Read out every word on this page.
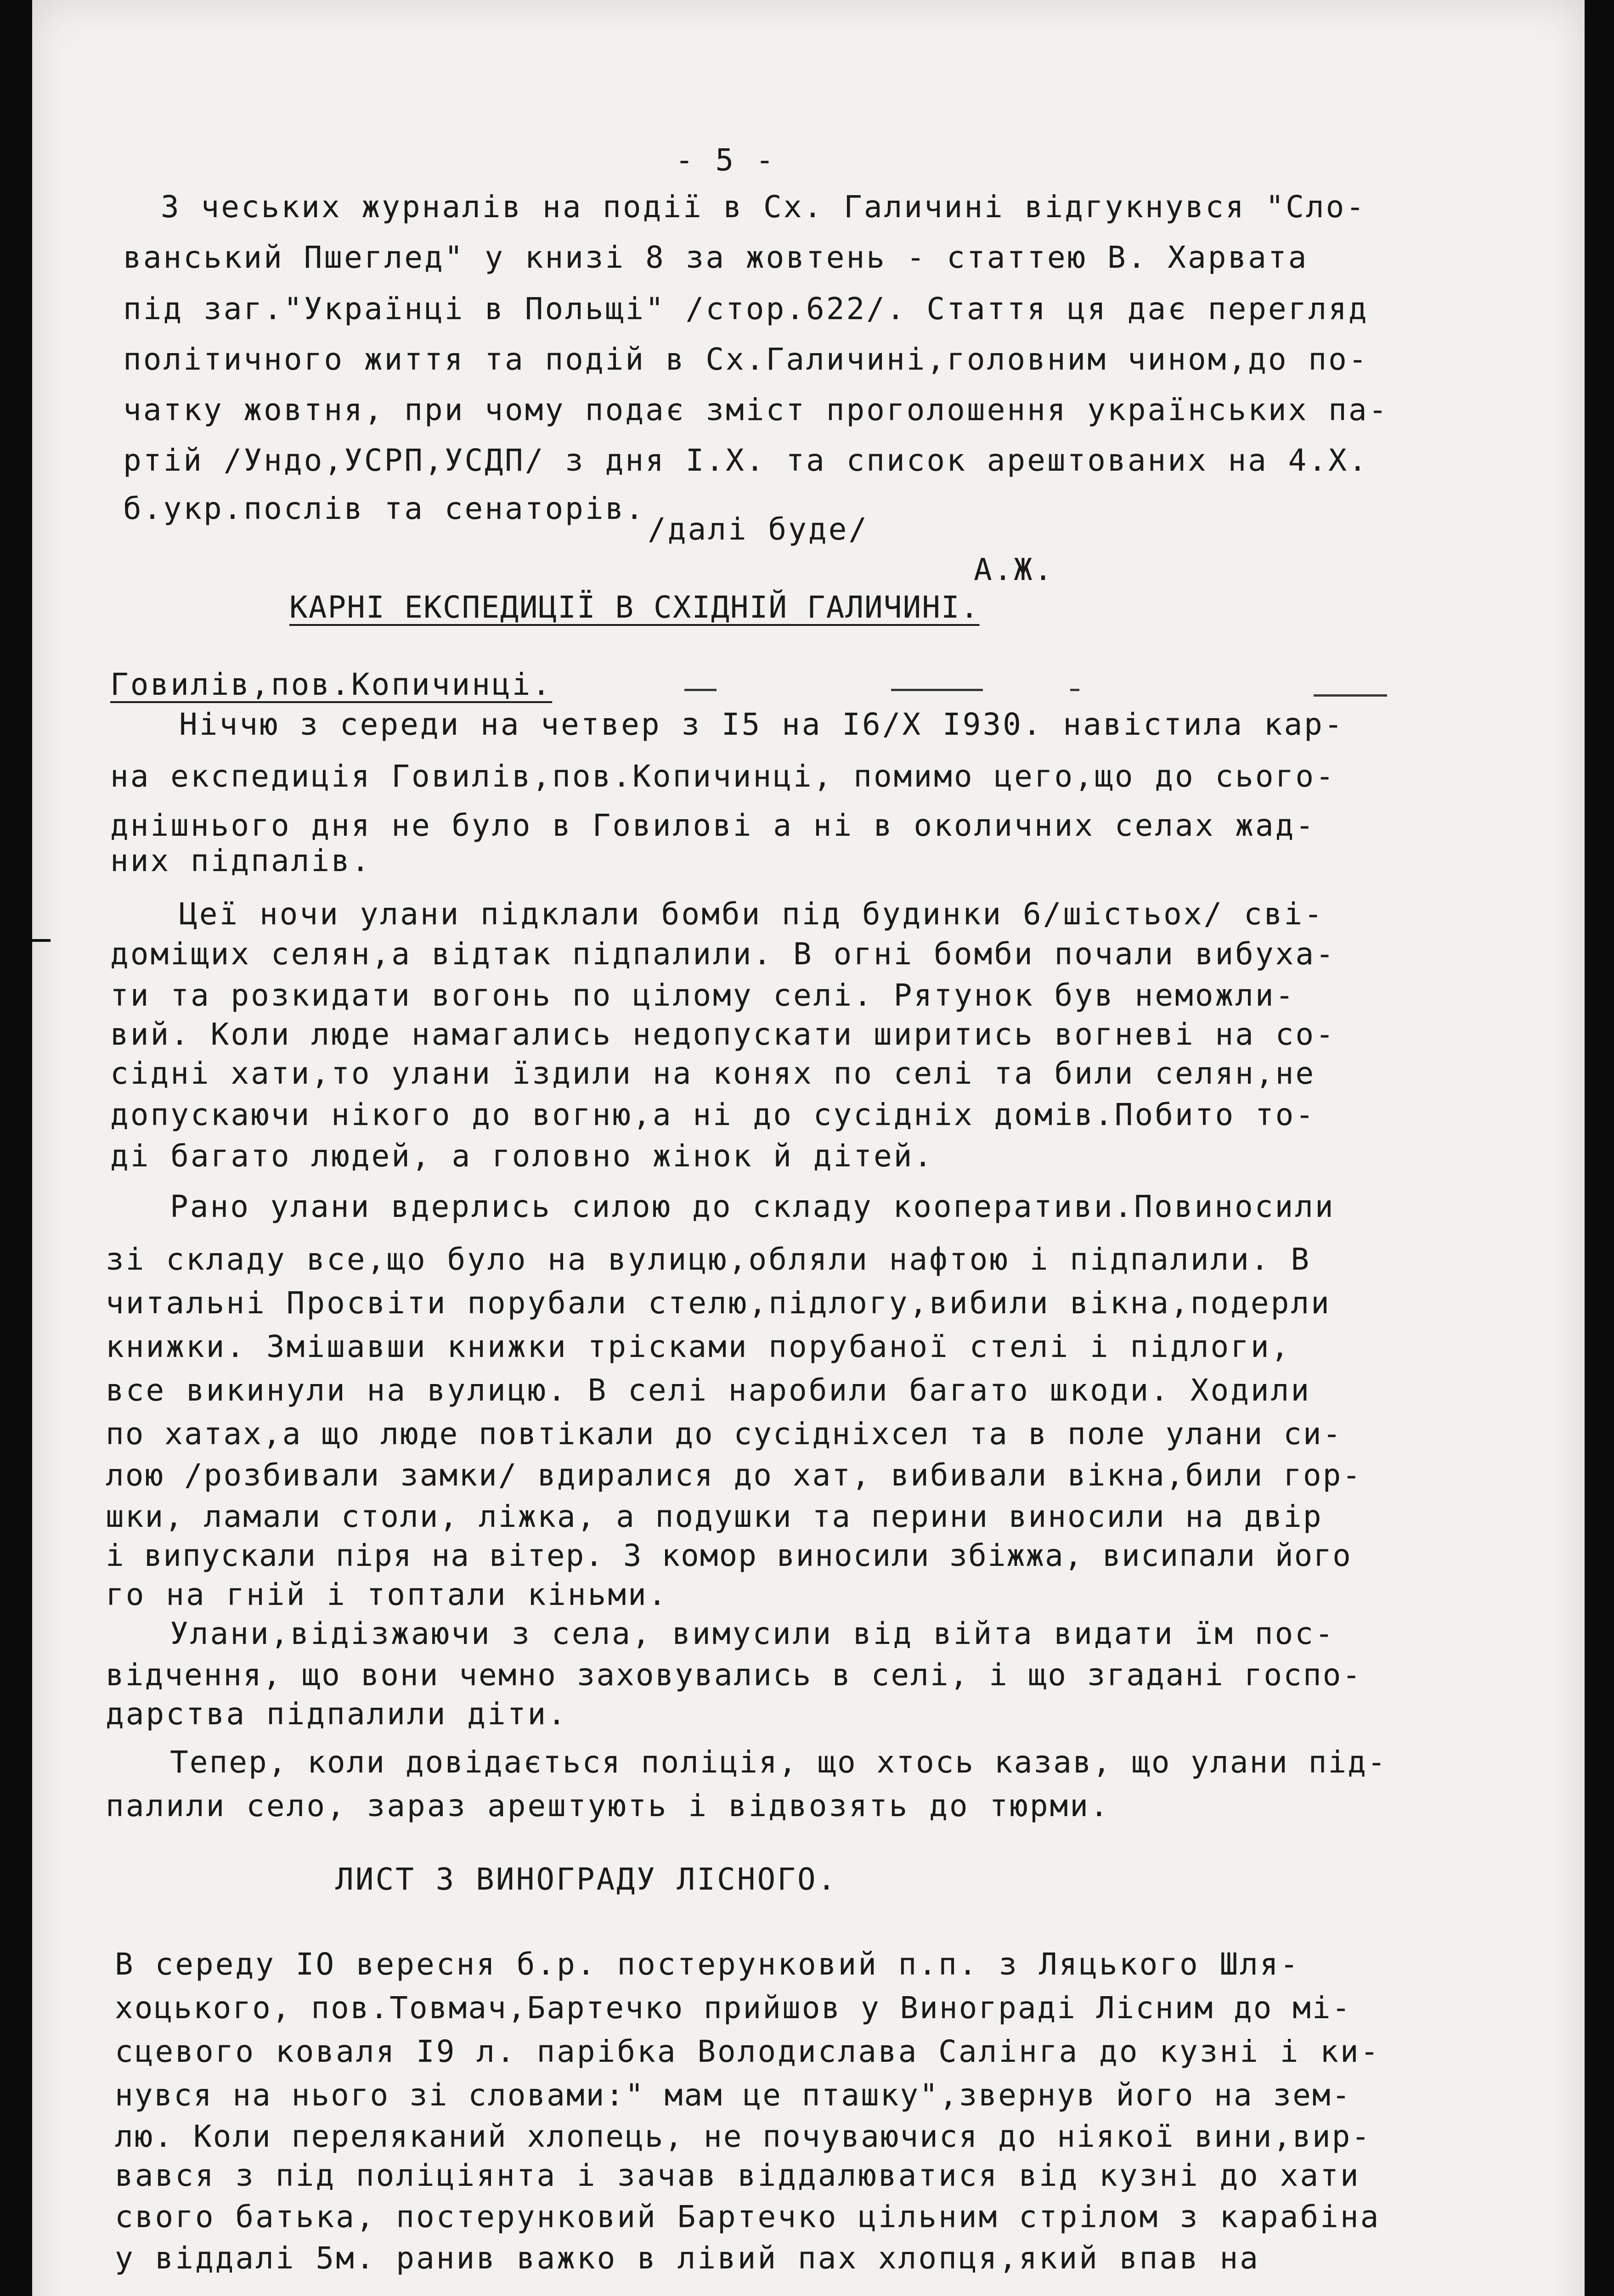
- 5 -
З чеських журналів на події в Сх. Галичині відгукнувся "Сло-
ванський Пшеглед" у книзі 8 за жовтень - статтею В. Харвата
під заг."Українці в Польщі" /стор.622/. Стаття ця дає перегляд
політичного життя та подій в Сх.Галичині,головним чином,до по-
чатку жовтня, при чому подає зміст проголошення українських па-
ртій /Ундо,УСРП,УСДП/ з дня I.X. та список арештованих на 4.X.
б.укр.послів та сенаторів.
/далі буде/
А.Ж.
КАРНІ ЕКСПЕДИЦІЇ В СХІДНІЙ ГАЛИЧИНІ.
Говилів,пов.Копичинці.
Ніччю з середи на четвер з I5 на I6/X I930. навістила кар-
на експедиція Говилів,пов.Копичинці, помимо цего,що до сього-
днішнього дня не було в Говилові а ні в околичних селах жад-
них підпалів.
Цеї ночи улани підклали бомби під будинки 6/шістьох/ сві-
доміщих селян,а відтак підпалили. В огні бомби почали вибуха-
ти та розкидати вогонь по цілому селі. Рятунок був неможли-
вий. Коли люде намагались недопускати ширитись вогневі на со-
сідні хати,то улани їздили на конях по селі та били селян,не
допускаючи нікого до вогню,а ні до сусідніх домів.Побито то-
ді багато людей, а головно жінок й дітей.
Рано улани вдерлись силою до складу кооперативи.Повиносили
зі складу все,що було на вулицю,обляли нафтою і підпалили. В
читальні Просвіти порубали стелю,підлогу,вибили вікна,подерли
книжки. Змішавши книжки трісками порубаної стелі і підлоги,
все викинули на вулицю. В селі наробили багато шкоди. Ходили
по хатах,а що люде повтікали до сусідніхсел та в поле улани си-
лою /розбивали замки/ вдиралися до хат, вибивали вікна,били гор-
шки, ламали столи, ліжка, а подушки та перини виносили на двір
і випускали піря на вітер. З комор виносили збіжжа, висипали його
го на гній і топтали кіньми.
Улани,відізжаючи з села, вимусили від війта видати їм пос-
відчення, що вони чемно заховувались в селі, і що згадані госпо-
дарства підпалили діти.
Тепер, коли довідається поліція, що хтось казав, що улани під-
палили село, зараз арештують і відвозять до тюрми.
ЛИСТ З ВИНОГРАДУ ЛІСНОГО.
В середу IO вересня б.р. постерунковий п.п. з Ляцького Шля-
хоцького, пов.Товмач,Бартечко прийшов у Винограді Лісним до мі-
сцевого коваля I9 л. парібка Володислава Салінга до кузні і ки-
нувся на нього зі словами:" мам це пташку",звернув його на зем-
лю. Коли переляканий хлопець, не почуваючися до ніякої вини,вир-
вався з під поліціянта і зачав віддалюватися від кузні до хати
свого батька, постерунковий Бартечко цільним стрілом з карабіна
у віддалі 5м. ранив важко в лівий пах хлопця,який впав на
